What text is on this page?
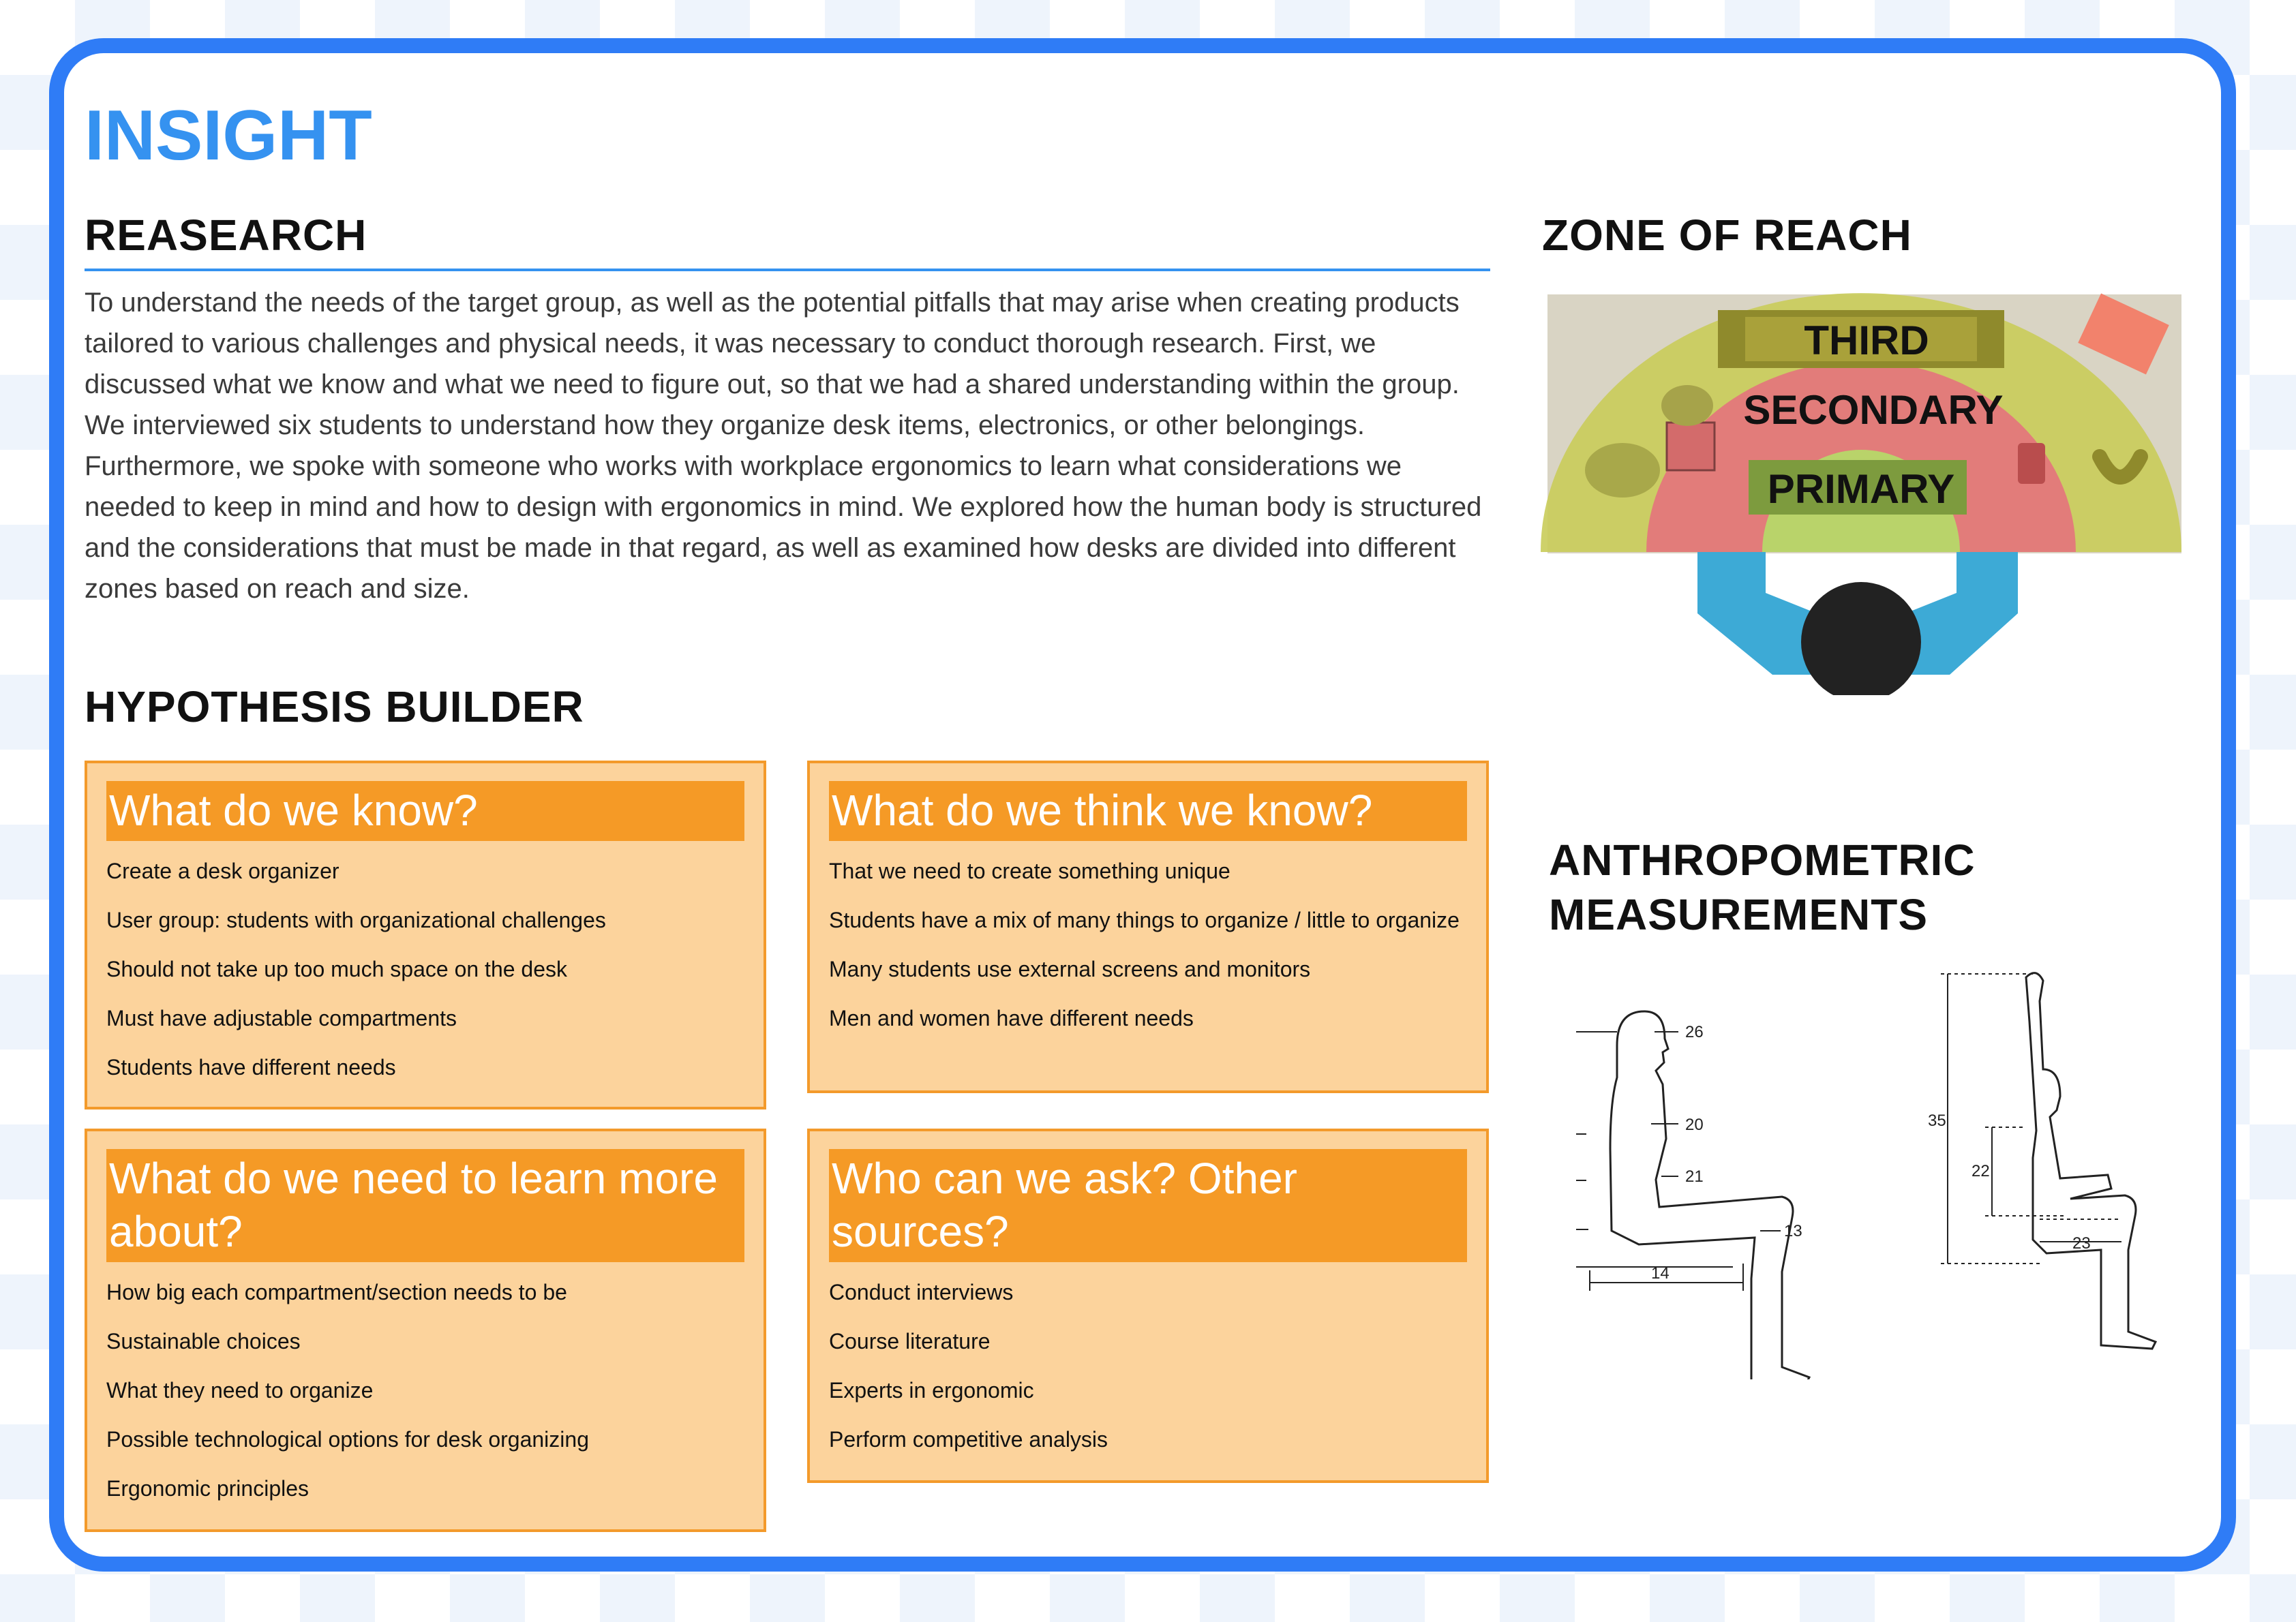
INSIGHT
REASEARCH

To understand the needs of the target group, as well as the potential pitfalls that may arise when creating products tailored to various challenges and physical needs, it was necessary to conduct thorough research. First, we discussed what we know and what we need to figure out, so that we had a shared understanding within the group. We interviewed six students to understand how they organize desk items, electronics, or other belongings. Furthermore, we spoke with someone who works with workplace ergonomics to learn what considerations we needed to keep in mind and how to design with ergonomics in mind. We explored how the human body is structured and the considerations that must be made in that regard, as well as examined how desks are divided into different zones based on reach and size.

HYPOTHESIS BUILDER
What do we know?
Create a desk organizer
User group: students with organizational challenges
Should not take up too much space on the desk
Must have adjustable compartments
Students have different needs
What do we think we know?
That we need to create something unique
Students have a mix of many things to organize / little to organize
Many students use external screens and monitors
Men and women have different needs
What do we need to learn more about?
How big each compartment/section needs to be
Sustainable choices
What they need to organize
Possible technological options for desk organizing
Ergonomic principles
Who can we ask? Other sources?
Conduct interviews
Course literature
Experts in ergonomic
Perform competitive analysis
ZONE OF REACH
THIRD
SECONDARY
PRIMARY
ANTHROPOMETRIC
MEASUREMENTS
26
20
21
13
14
35
22
23
